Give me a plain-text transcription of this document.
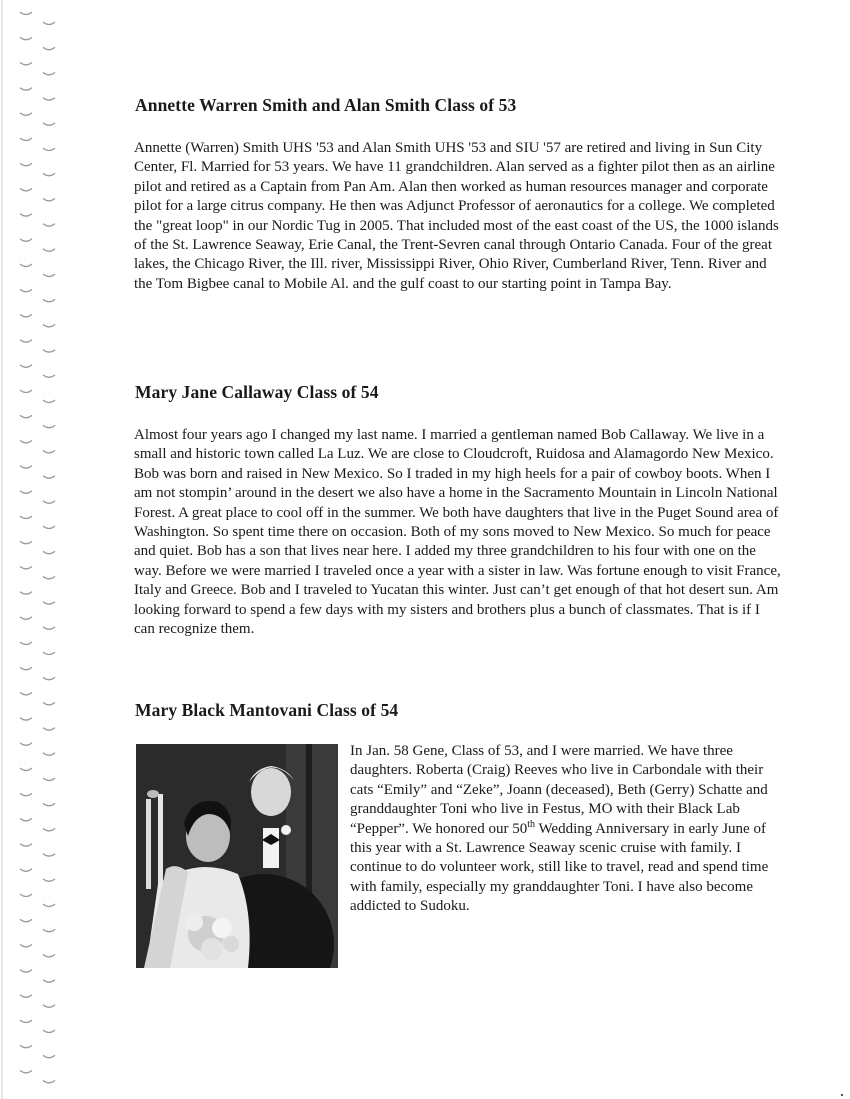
Annette Warren Smith and Alan Smith Class of 53

Annette (Warren) Smith UHS '53 and Alan Smith UHS '53 and SIU '57 are retired and living in Sun City Center, Fl. Married for 53 years. We have 11 grandchildren. Alan served as a fighter pilot then as an airline pilot and retired as a Captain from Pan Am. Alan then worked as human resources manager and corporate pilot for a large citrus company. He then was Adjunct Professor of aeronautics for a college. We completed the "great loop" in our Nordic Tug in 2005. That included most of the east coast of the US, the 1000 islands of the St. Lawrence Seaway, Erie Canal, the Trent-Sevren canal through Ontario Canada. Four of the great lakes, the Chicago River, the Ill. river, Mississippi River, Ohio River, Cumberland River, Tenn. River and the Tom Bigbee canal to Mobile Al. and the gulf coast to our starting point in Tampa Bay.

Mary Jane Callaway Class of 54

Almost four years ago I changed my last name. I married a gentleman named Bob Callaway. We live in a small and historic town called La Luz. We are close to Cloudcroft, Ruidosa and Alamagordo New Mexico. Bob was born and raised in New Mexico. So I traded in my high heels for a pair of cowboy boots. When I am not stompin’ around in the desert we also have a home in the Sacramento Mountain in Lincoln National Forest. A great place to cool off in the summer. We both have daughters that live in the Puget Sound area of Washington. So spent time there on occasion. Both of my sons moved to New Mexico. So much for peace and quiet. Bob has a son that lives near here. I added my three grandchildren to his four with one on the way. Before we were married I traveled once a year with a sister in law. Was fortune enough to visit France, Italy and Greece. Bob and I traveled to Yucatan this winter. Just can’t get enough of that hot desert sun. Am looking forward to spend a few days with my sisters and brothers plus a bunch of classmates. That is if I can recognize them.

Mary Black Mantovani Class of 54

In Jan. 58 Gene, Class of 53, and I were married. We have three daughters. Roberta (Craig) Reeves who live in Carbondale with their cats “Emily” and “Zeke”, Joann (deceased), Beth (Gerry) Schatte and granddaughter Toni who live in Festus, MO with their Black Lab “Pepper”. We honored our 50th Wedding Anniversary in early June of this year with a St. Lawrence Seaway scenic cruise with family. I continue to do volunteer work, still like to travel, read and spend time with family, especially my granddaughter Toni. I have also become addicted to Sudoku.
